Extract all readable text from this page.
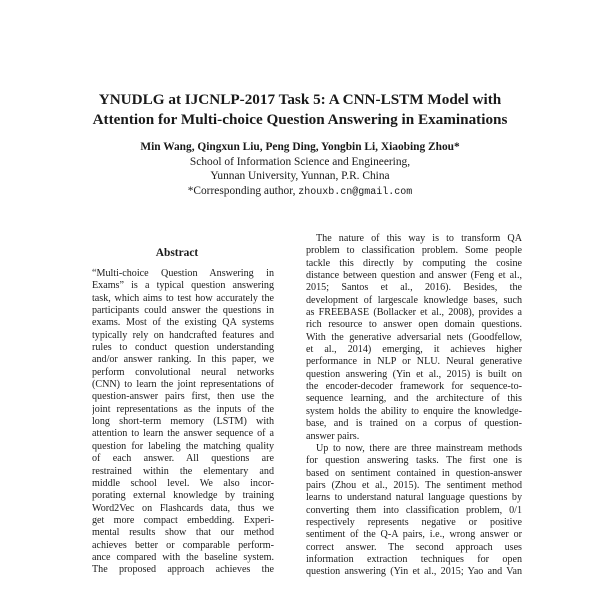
YNUDLG at IJCNLP-2017 Task 5: A CNN-LSTM Model with
Attention for Multi-choice Question Answering in Examinations
Min Wang, Qingxun Liu, Peng Ding, Yongbin Li, Xiaobing Zhou*
School of Information Science and Engineering,
Yunnan University, Yunnan, P.R. China
*Corresponding author, zhouxb.cn@gmail.com
Abstract
“Multi-choice Question Answering in
Exams” is a typical question answering
task, which aims to test how accurately the
participants could answer the questions in
exams. Most of the existing QA systems
typically rely on handcrafted features and
rules to conduct question understanding
and/or answer ranking. In this paper, we
perform convolutional neural networks
(CNN) to learn the joint representations of
question-answer pairs first, then use the
joint representations as the inputs of the
long short-term memory (LSTM) with
attention to learn the answer sequence of a
question for labeling the matching quality
of each answer. All questions are
restrained within the elementary and
middle school level. We also incor-
porating external knowledge by training
Word2Vec on Flashcards data, thus we
get more compact embedding. Experi-
mental results show that our method
achieves better or comparable perform-
ance compared with the baseline system.
The proposed approach achieves the
The nature of this way is to transform QA
problem to classification problem. Some people
tackle this directly by computing the cosine
distance between question and answer (Feng et al.,
2015; Santos et al., 2016). Besides, the
development of largescale knowledge bases, such
as FREEBASE (Bollacker et al., 2008), provides a
rich resource to answer open domain questions.
With the generative adversarial nets (Goodfellow,
et al., 2014) emerging, it achieves higher
performance in NLP or NLU. Neural generative
question answering (Yin et al., 2015) is built on
the encoder-decoder framework for sequence-to-
sequence learning, and the architecture of this
system holds the ability to enquire the knowledge-
base, and is trained on a corpus of question-
answer pairs.
Up to now, there are three mainstream methods
for question answering tasks. The first one is
based on sentiment contained in question-answer
pairs (Zhou et al., 2015). The sentiment method
learns to understand natural language questions by
converting them into classification problem, 0/1
respectively represents negative or positive
sentiment of the Q-A pairs, i.e., wrong answer or
correct answer. The second approach uses
information extraction techniques for open
question answering (Yin et al., 2015; Yao and Van
